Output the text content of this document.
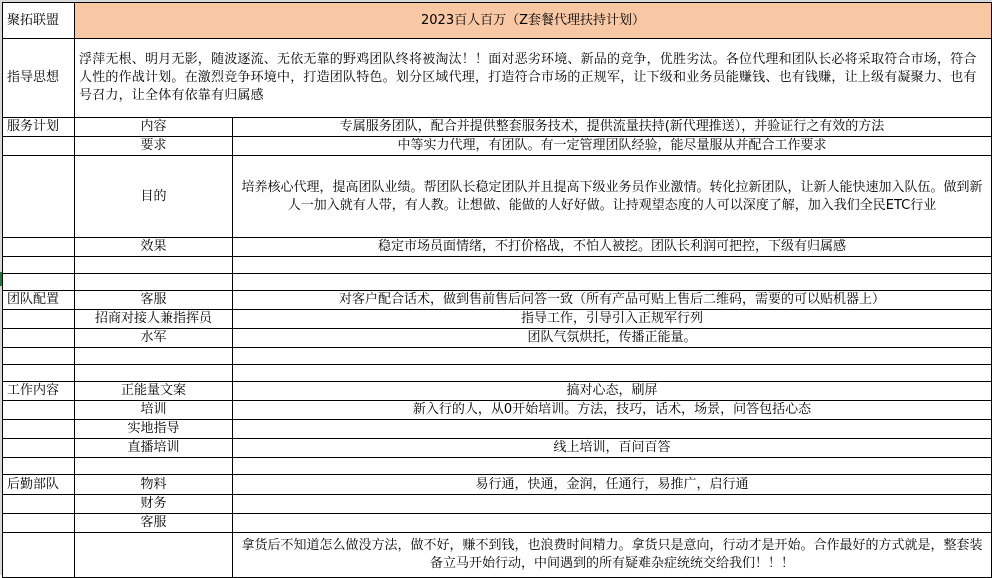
聚拓联盟	2023百人百万（Z套餐代理扶持计划）	
指导思想	浮萍无根、明月无影，随波逐流、无依无靠的野鸡团队终将被淘汰！！面对恶劣环境、新品的竞争，优胜劣汰。各位代理和团队长必将采取符合市场，符合人性的作战计划。在激烈竞争环境中，打造团队特色。划分区域代理，打造符合市场的正规军，让下级和业务员能赚钱、也有钱赚，让上级有凝聚力、也有号召力，让全体有依靠有归属感	
服务计划	内容	专属服务团队，配合并提供整套服务技术，提供流量扶持(新代理推送），并验证行之有效的方法
	要求	中等实力代理，有团队。有一定管理团队经验，能尽量服从并配合工作要求
	目的	培养核心代理，提高团队业绩。帮团队长稳定团队并且提高下级业务员作业激情。转化拉新团队，让新人能快速加入队伍。做到新人一加入就有人带，有人教。让想做、能做的人好好做。让持观望态度的人可以深度了解，加入我们全民ETC行业
	效果	稳定市场员面情绪，不打价格战，不怕人被挖。团队长利润可把控，下级有归属感

团队配置	客服	对客户配合话术，做到售前售后问答一致（所有产品可贴上售后二维码，需要的可以贴机器上）
	招商对接人兼指挥员	指导工作，引导引入正规军行列
	水军	团队气氛烘托，传播正能量。

工作内容	正能量文案	搞对心态，刷屏
	培训	新入行的人，从0开始培训。方法，技巧，话术，场景，问答包括心态
	实地指导	
	直播培训	线上培训，百问百答

后勤部队	物料	易行通，快通，金润，任通行，易推广，启行通
	财务	
	客服	
		拿货后不知道怎么做没方法，做不好，赚不到钱，也浪费时间精力。拿货只是意向，行动才是开始。合作最好的方式就是，整套装备立马开始行动，中间遇到的所有疑难杂症统统交给我们！！！
